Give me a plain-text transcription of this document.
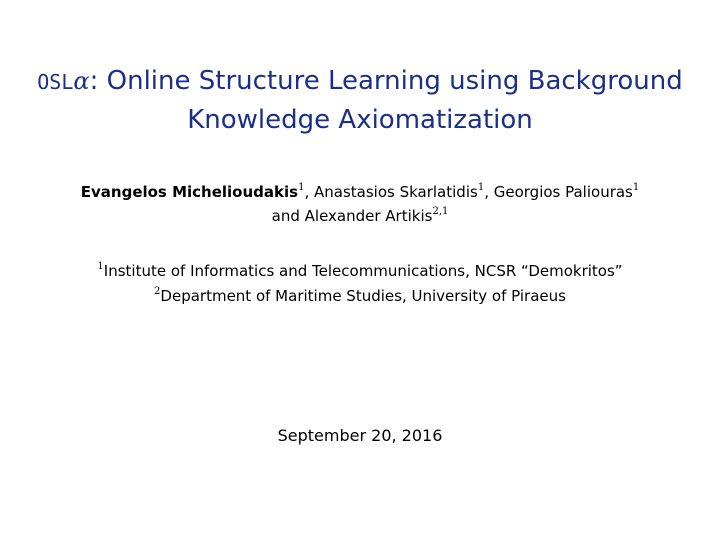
OSLα: Online Structure Learning using Background
Knowledge Axiomatization
Evangelos Michelioudakis$^1$, Anastasios Skarlatidis$^1$, Georgios Paliouras$^1$
and Alexander Artikis$^{2,1}$
$^1$Institute of Informatics and Telecommunications, NCSR “Demokritos”
$^2$Department of Maritime Studies, University of Piraeus
September 20, 2016
